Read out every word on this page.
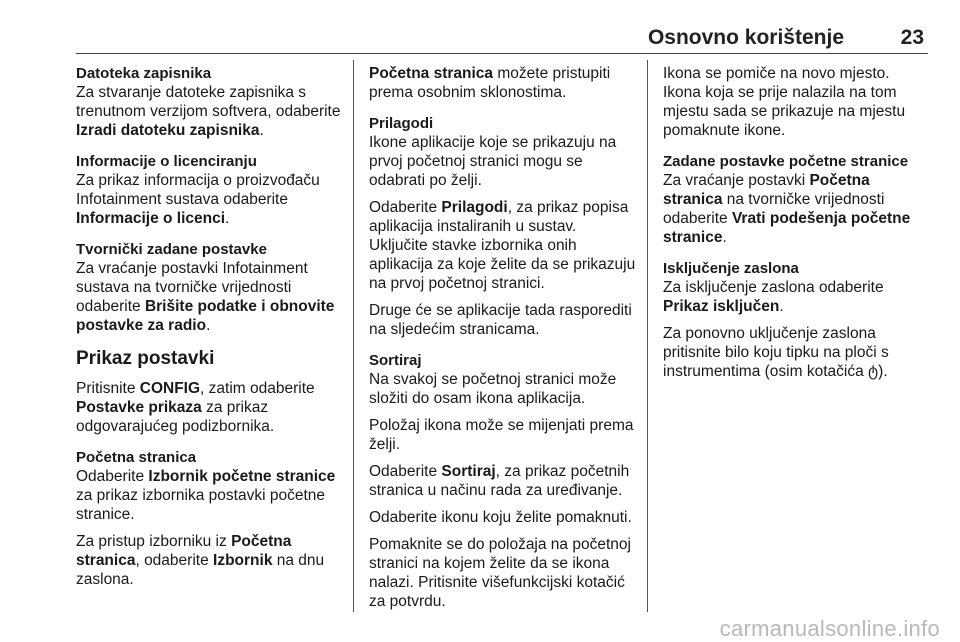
Osnovno korištenje	23
Datoteka zapisnika

Za stvaranje datoteke zapisnika s trenutnom verzijom softvera, odaberite Izradi datoteku zapisnika.

Informacije o licenciranju

Za prikaz informacija o proizvođaču Infotainment sustava odaberite Informacije o licenci.

Tvornički zadane postavke

Za vraćanje postavki Infotainment sustava na tvorničke vrijednosti odaberite Brišite podatke i obnovite postavke za radio.

Prikaz postavki

Pritisnite CONFIG, zatim odaberite Postavke prikaza za prikaz odgovarajućeg podizbornika.

Početna stranica

Odaberite Izbornik početne stranice za prikaz izbornika postavki početne stranice.

Za pristup izborniku iz Početna stranica, odaberite Izbornik na dnu zaslona.

Početna stranica možete pristupiti prema osobnim sklonostima.

Prilagodi

Ikone aplikacije koje se prikazuju na prvoj početnoj stranici mogu se odabrati po želji.

Odaberite Prilagodi, za prikaz popisa aplikacija instaliranih u sustav. Uključite stavke izbornika onih aplikacija za koje želite da se prikazuju na prvoj početnoj stranici.

Druge će se aplikacije tada rasporediti na sljedećim stranicama.

Sortiraj

Na svakoj se početnoj stranici može složiti do osam ikona aplikacija.

Položaj ikona može se mijenjati prema želji.

Odaberite Sortiraj, za prikaz početnih stranica u načinu rada za uređivanje.

Odaberite ikonu koju želite pomaknuti.

Pomaknite se do položaja na početnoj stranici na kojem želite da se ikona nalazi. Pritisnite višefunkcijski kotačić za potvrdu.

Ikona se pomiče na novo mjesto. Ikona koja se prije nalazila na tom mjestu sada se prikazuje na mjestu pomaknute ikone.

Zadane postavke početne stranice

Za vraćanje postavki Početna stranica na tvorničke vrijednosti odaberite Vrati podešenja početne stranice.

Isključenje zaslona

Za isključenje zaslona odaberite Prikaz isključen.

Za ponovno uključenje zaslona pritisnite bilo koju tipku na ploči s instrumentima (osim kotačića ტ).

carmanualsonline.info
